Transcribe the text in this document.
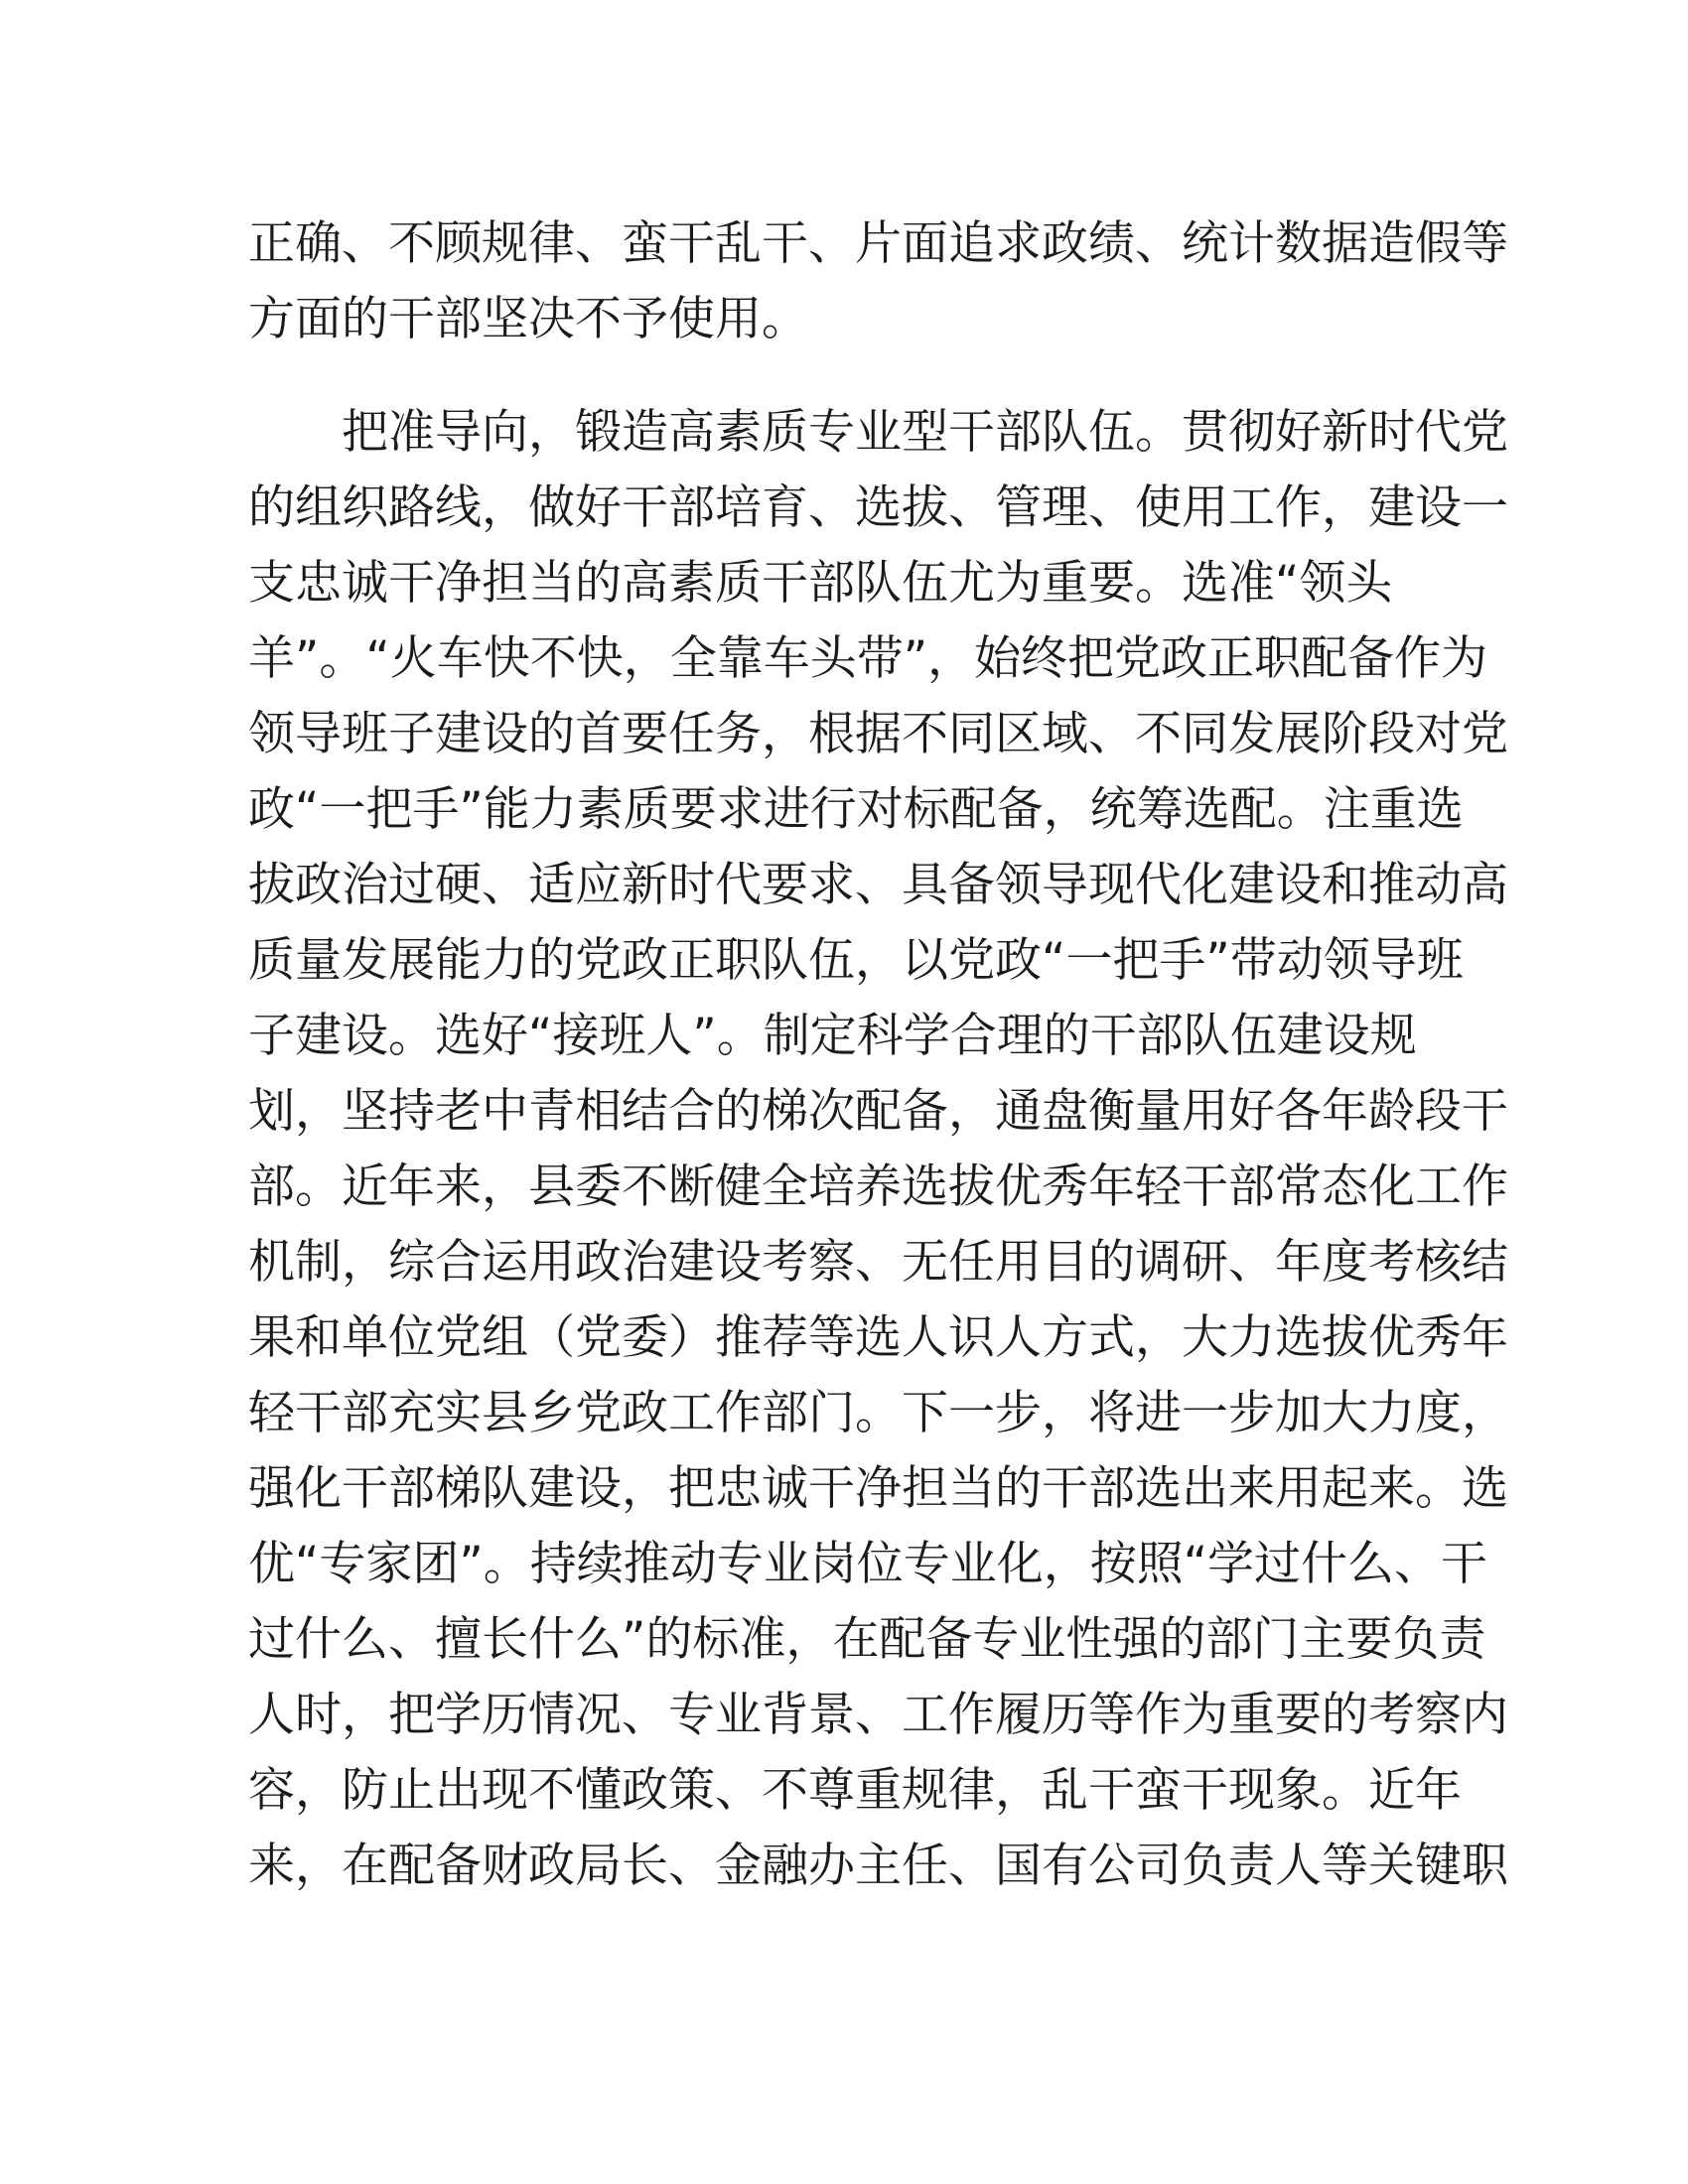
正确、不顾规律、蛮干乱干、片面追求政绩、统计数据造假等
方面的干部坚决不予使用。
把准导向，锻造高素质专业型干部队伍。贯彻好新时代党
的组织路线，做好干部培育、选拔、管理、使用工作，建设一
支忠诚干净担当的高素质干部队伍尤为重要。选准“领头
羊”。“火车快不快，全靠车头带”，始终把党政正职配备作为
领导班子建设的首要任务，根据不同区域、不同发展阶段对党
政“一把手”能力素质要求进行对标配备，统筹选配。注重选
拔政治过硬、适应新时代要求、具备领导现代化建设和推动高
质量发展能力的党政正职队伍，以党政“一把手”带动领导班
子建设。选好“接班人”。制定科学合理的干部队伍建设规
划，坚持老中青相结合的梯次配备，通盘衡量用好各年龄段干
部。近年来，县委不断健全培养选拔优秀年轻干部常态化工作
机制，综合运用政治建设考察、无任用目的调研、年度考核结
果和单位党组（党委）推荐等选人识人方式，大力选拔优秀年
轻干部充实县乡党政工作部门。下一步，将进一步加大力度，
强化干部梯队建设，把忠诚干净担当的干部选出来用起来。选
优“专家团”。持续推动专业岗位专业化，按照“学过什么、干
过什么、擅长什么”的标准，在配备专业性强的部门主要负责
人时，把学历情况、专业背景、工作履历等作为重要的考察内
容，防止出现不懂政策、不尊重规律，乱干蛮干现象。近年
来，在配备财政局长、金融办主任、国有公司负责人等关键职
